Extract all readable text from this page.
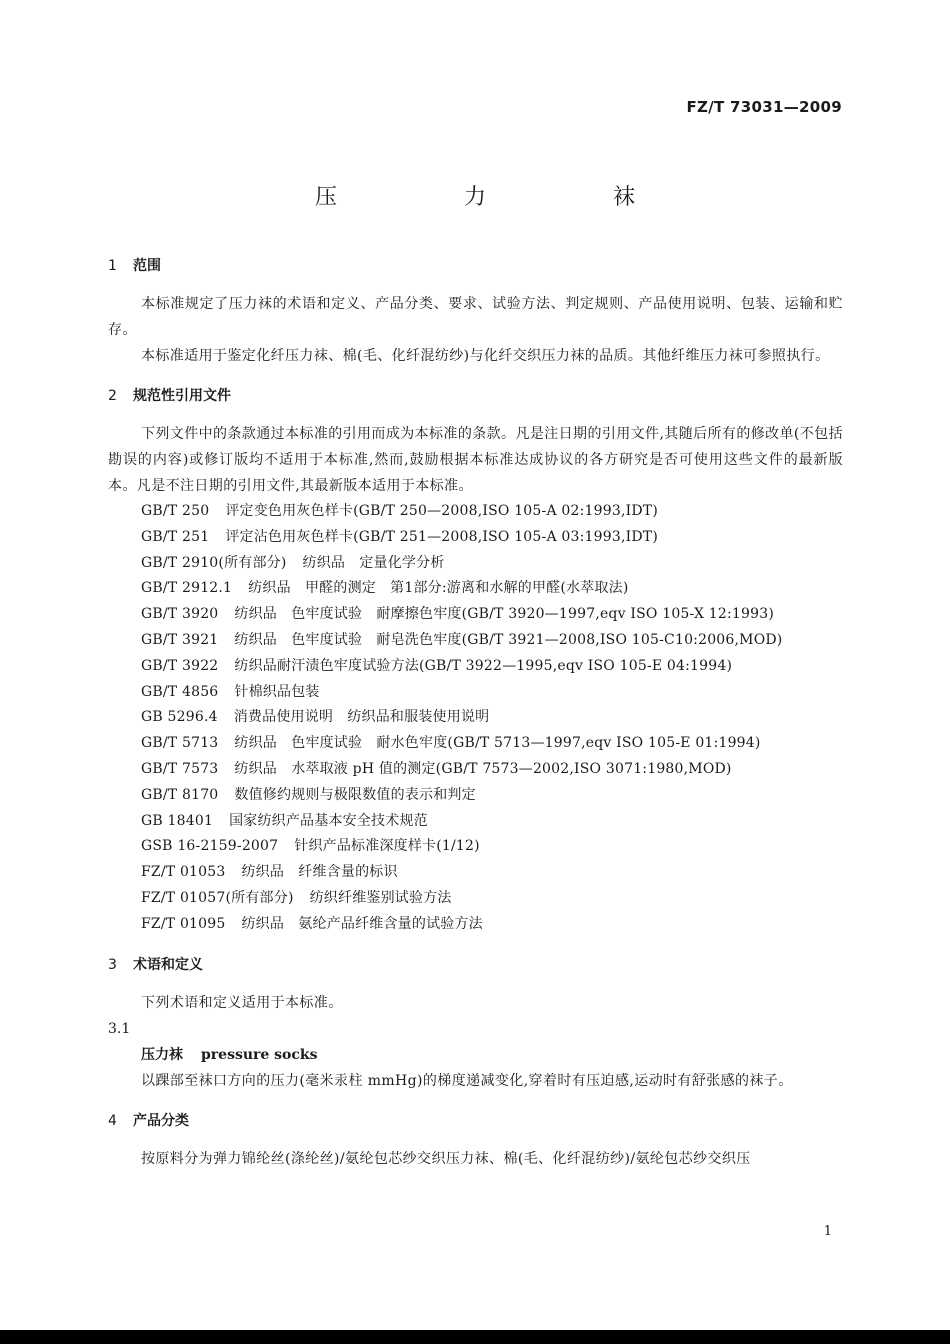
FZ/T 73031—2009
压 力 袜
1 范围

本标准规定了压力袜的术语和定义、产品分类、要求、试验方法、判定规则、产品使用说明、包装、运输和贮存。

本标准适用于鉴定化纤压力袜、棉(毛、化纤混纺纱)与化纤交织压力袜的品质。其他纤维压力袜可参照执行。

2 规范性引用文件

下列文件中的条款通过本标准的引用而成为本标准的条款。凡是注日期的引用文件,其随后所有的修改单(不包括勘误的内容)或修订版均不适用于本标准,然而,鼓励根据本标准达成协议的各方研究是否可使用这些文件的最新版本。凡是不注日期的引用文件,其最新版本适用于本标准。

GB/T 250 评定变色用灰色样卡(GB/T 250—2008,ISO 105-A 02:1993,IDT)
GB/T 251 评定沾色用灰色样卡(GB/T 251—2008,ISO 105-A 03:1993,IDT)
GB/T 2910(所有部分) 纺织品　定量化学分析
GB/T 2912.1 纺织品　甲醛的测定　第1部分:游离和水解的甲醛(水萃取法)
GB/T 3920 纺织品　色牢度试验　耐摩擦色牢度(GB/T 3920—1997,eqv ISO 105-X 12:1993)
GB/T 3921 纺织品　色牢度试验　耐皂洗色牢度(GB/T 3921—2008,ISO 105-C10:2006,MOD)
GB/T 3922 纺织品耐汗渍色牢度试验方法(GB/T 3922—1995,eqv ISO 105-E 04:1994)
GB/T 4856 针棉织品包装
GB 5296.4 消费品使用说明　纺织品和服装使用说明
GB/T 5713 纺织品　色牢度试验　耐水色牢度(GB/T 5713—1997,eqv ISO 105-E 01:1994)
GB/T 7573 纺织品　水萃取液 pH 值的测定(GB/T 7573—2002,ISO 3071:1980,MOD)
GB/T 8170 数值修约规则与极限数值的表示和判定
GB 18401 国家纺织产品基本安全技术规范
GSB 16-2159-2007 针织产品标准深度样卡(1/12)
FZ/T 01053 纺织品　纤维含量的标识
FZ/T 01057(所有部分) 纺织纤维鉴别试验方法
FZ/T 01095 纺织品　氨纶产品纤维含量的试验方法
3 术语和定义

下列术语和定义适用于本标准。

3.1
压力袜 pressure socks

以踝部至袜口方向的压力(毫米汞柱 mmHg)的梯度递减变化,穿着时有压迫感,运动时有舒张感的袜子。

4 产品分类

按原料分为弹力锦纶丝(涤纶丝)/氨纶包芯纱交织压力袜、棉(毛、化纤混纺纱)/氨纶包芯纱交织压

1
